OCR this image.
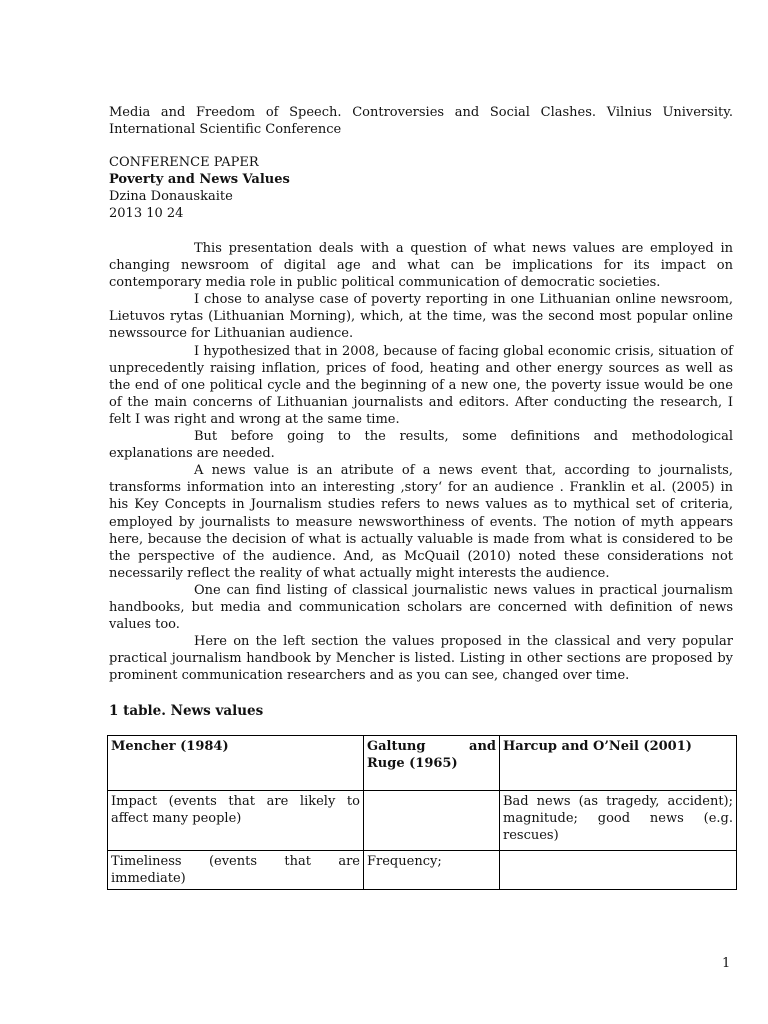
Media and Freedom of Speech. Controversies and Social Clashes. Vilnius University. International Scientific Conference
CONFERENCE PAPER
Poverty and News Values
Dzina Donauskaite
2013 10 24

This presentation deals with a question of what news values are employed in changing newsroom of digital age and what can be implications for its impact on contemporary media role in public political communication of democratic societies.

I chose to analyse case of poverty reporting in one Lithuanian online newsroom, Lietuvos rytas (Lithuanian Morning), which, at the time, was the second most popular online newssource for Lithuanian audience.

I hypothesized that in 2008, because of facing global economic crisis, situation of unprecedently raising inflation, prices of food, heating and other energy sources as well as the end of one political cycle and the beginning of a new one, the poverty issue would be one of the main concerns of Lithuanian journalists and editors. After conducting the research, I felt I was right and wrong at the same time.

But before going to the results, some definitions and methodological explanations are needed.

A news value is an atribute of a news event that, according to journalists, transforms information into an interesting ‚story‘ for an audience . Franklin et al. (2005) in his Key Concepts in Journalism studies refers to news values as to mythical set of criteria, employed by journalists to measure newsworthiness of events. The notion of myth appears here, because the decision of what is actually valuable is made from what is considered to be the perspective of the audience. And, as McQuail (2010) noted these considerations not necessarily reflect the reality of what actually might interests the audience.

One can find listing of classical journalistic news values in practical journalism handbooks, but media and communication scholars are concerned with definition of news values too.

Here on the left section the values proposed in the classical and very popular practical journalism handbook by Mencher is listed. Listing in other sections are proposed by prominent communication researchers and as you can see, changed over time.

1 table. News values
Mencher (1984)	Galtung and Ruge (1965)	Harcup and O’Neil (2001)
Impact (events that are likely to affect many people)		Bad news (as tragedy, accident); magnitude; good news (e.g. rescues)
Timeliness (events that are immediate)	Frequency;	
1
